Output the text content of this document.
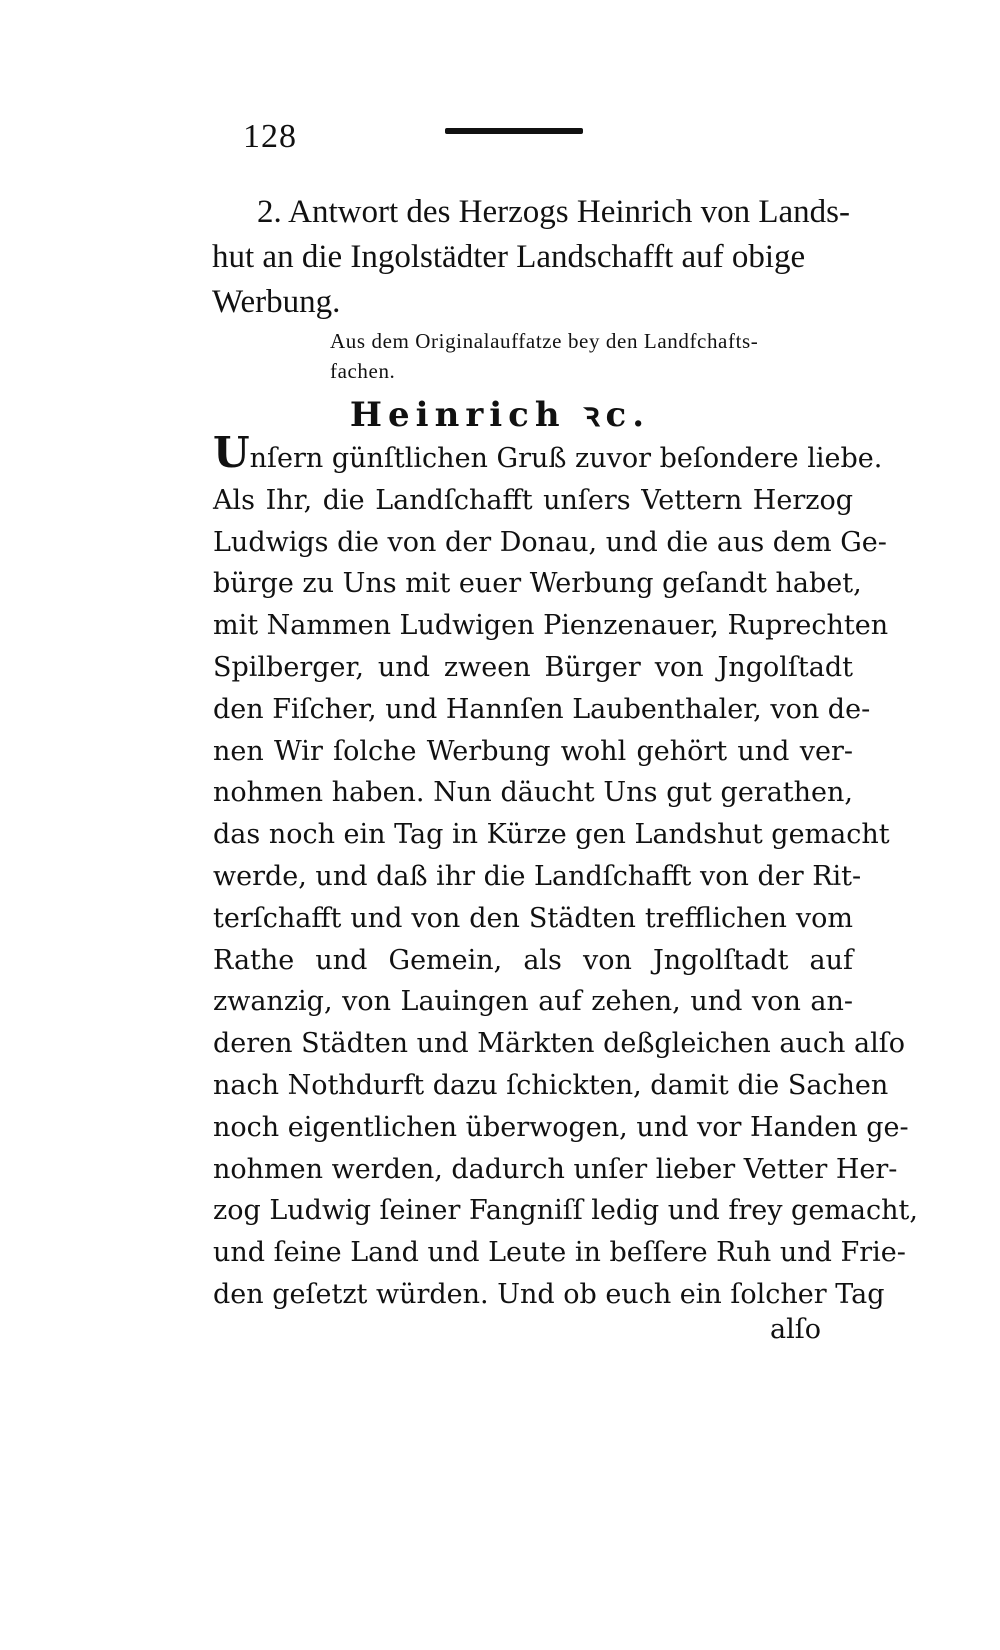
128
2. Antwort des Herzogs Heinrich von Lands-
hut an die Ingolstädter Landschafft auf obige
Werbung.
Aus dem Originalauffatze bey den Landfchafts-
fachen.
Heinrich ꝛc.
Unſern günſtlichen Gruß zuvor beſondere liebe.
Als Ihr, die Landſchafft unſers Vettern Herzog
Ludwigs die von der Donau, und die aus dem Ge-
bürge zu Uns mit euer Werbung geſandt habet,
mit Nammen Ludwigen Pienzenauer, Ruprechten
Spilberger, und zween Bürger von Jngolſtadt
den Fiſcher, und Hannſen Laubenthaler, von de-
nen Wir ſolche Werbung wohl gehört und ver-
nohmen haben. Nun däucht Uns gut gerathen,
das noch ein Tag in Kürze gen Landshut gemacht
werde, und daß ihr die Landſchafft von der Rit-
terſchafft und von den Städten trefflichen vom
Rathe und Gemein, als von Jngolſtadt auf
zwanzig, von Lauingen auf zehen, und von an-
deren Städten und Märkten deßgleichen auch alſo
nach Nothdurft dazu ſchickten, damit die Sachen
noch eigentlichen überwogen, und vor Handen ge-
nohmen werden, dadurch unſer lieber Vetter Her-
zog Ludwig ſeiner Fangniſſ ledig und frey gemacht,
und ſeine Land und Leute in beſſere Ruh und Frie-
den geſetzt würden. Und ob euch ein ſolcher Tag
alſo
